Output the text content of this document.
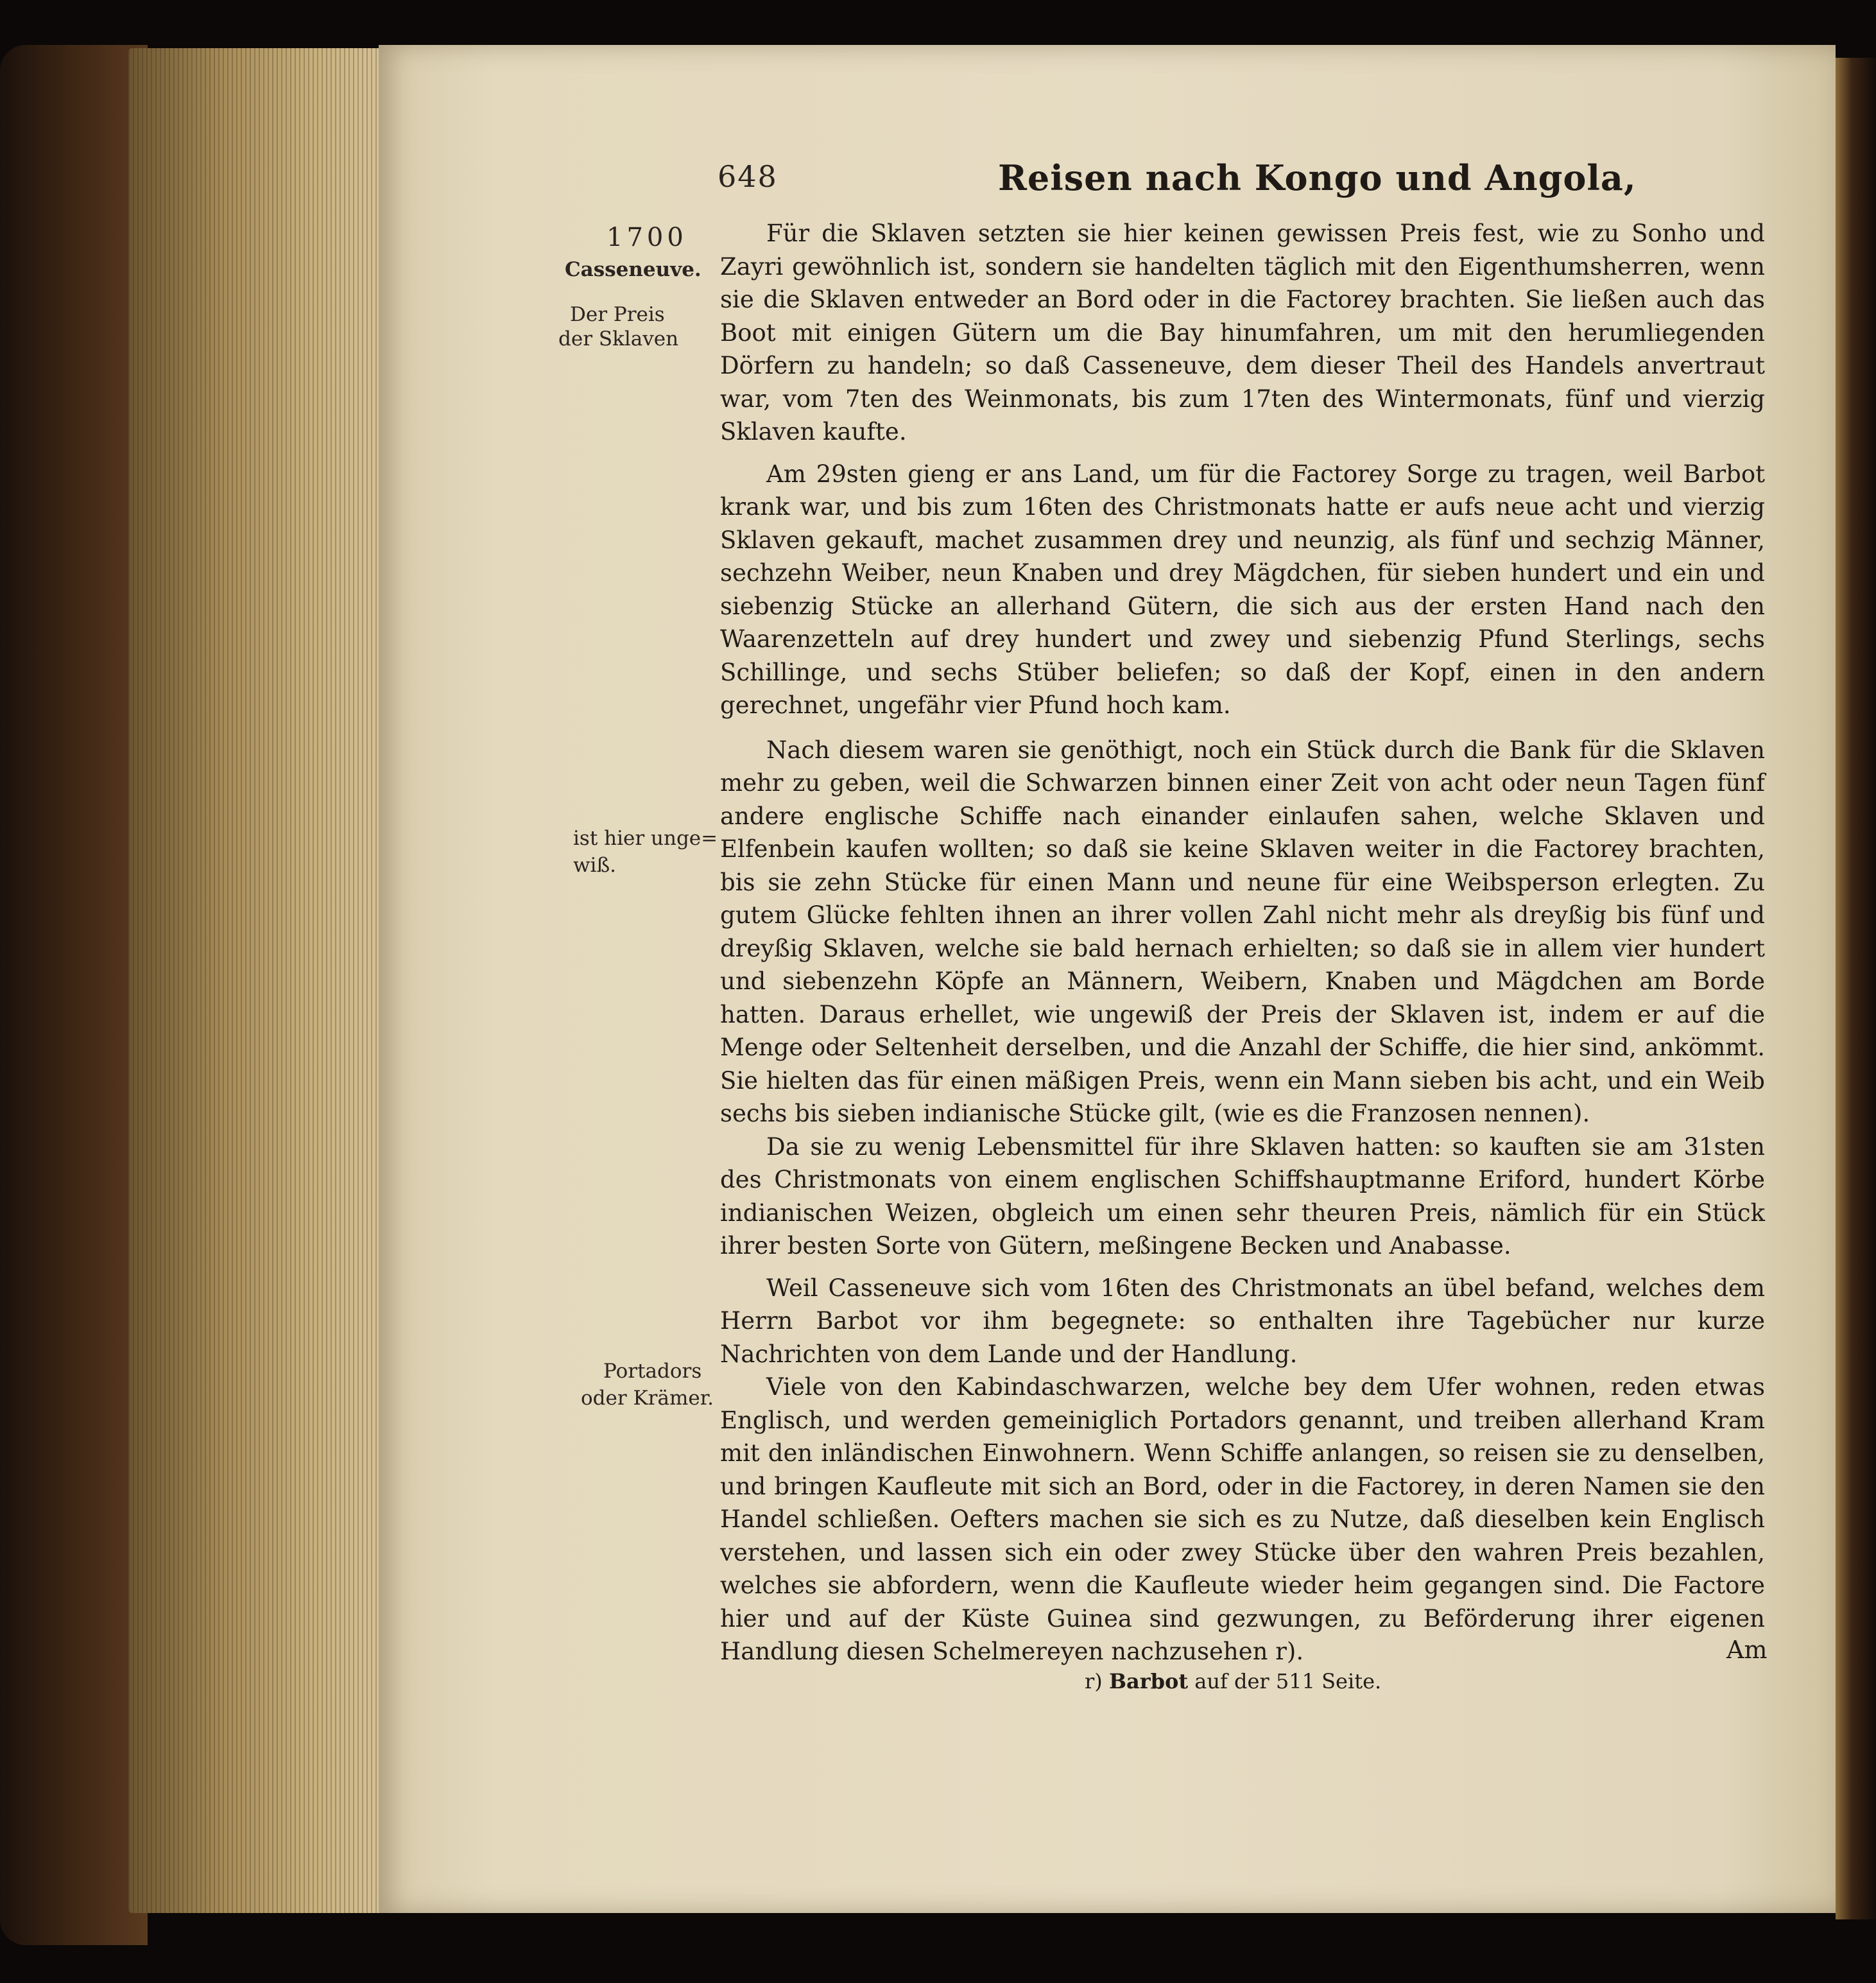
648	Reisen nach Kongo und Angola,
1700
Casseneuve.
Der Preis
der Sklaven
ist hier unge=
wiß.
Portadors
oder Krämer.

Für die Sklaven setzten sie hier keinen gewissen Preis fest, wie zu Sonho und Zayri gewöhnlich ist, sondern sie handelten täglich mit den Eigenthumsherren, wenn sie die Sklaven entweder an Bord oder in die Factorey brachten. Sie ließen auch das Boot mit einigen Gütern um die Bay hinumfahren, um mit den herumliegenden Dörfern zu handeln; so daß Casseneuve, dem dieser Theil des Handels anvertraut war, vom 7ten des Weinmonats, bis zum 17ten des Wintermonats, fünf und vierzig Sklaven kaufte.

Am 29sten gieng er ans Land, um für die Factorey Sorge zu tragen, weil Barbot krank war, und bis zum 16ten des Christmonats hatte er aufs neue acht und vierzig Sklaven gekauft, machet zusammen drey und neunzig, als fünf und sechzig Männer, sechzehn Weiber, neun Knaben und drey Mägdchen, für sieben hundert und ein und siebenzig Stücke an allerhand Gütern, die sich aus der ersten Hand nach den Waarenzetteln auf drey hundert und zwey und siebenzig Pfund Sterlings, sechs Schillinge, und sechs Stüber beliefen; so daß der Kopf, einen in den andern gerechnet, ungefähr vier Pfund hoch kam.

Nach diesem waren sie genöthigt, noch ein Stück durch die Bank für die Sklaven mehr zu geben, weil die Schwarzen binnen einer Zeit von acht oder neun Tagen fünf andere englische Schiffe nach einander einlaufen sahen, welche Sklaven und Elfenbein kaufen wollten; so daß sie keine Sklaven weiter in die Factorey brachten, bis sie zehn Stücke für einen Mann und neune für eine Weibsperson erlegten. Zu gutem Glücke fehlten ihnen an ihrer vollen Zahl nicht mehr als dreyßig bis fünf und dreyßig Sklaven, welche sie bald hernach erhielten; so daß sie in allem vier hundert und siebenzehn Köpfe an Männern, Weibern, Knaben und Mägdchen am Borde hatten. Daraus erhellet, wie ungewiß der Preis der Sklaven ist, indem er auf die Menge oder Seltenheit derselben, und die Anzahl der Schiffe, die hier sind, ankömmt. Sie hielten das für einen mäßigen Preis, wenn ein Mann sieben bis acht, und ein Weib sechs bis sieben indianische Stücke gilt, (wie es die Franzosen nennen).

Da sie zu wenig Lebensmittel für ihre Sklaven hatten: so kauften sie am 31sten des Christmonats von einem englischen Schiffshauptmanne Eriford, hundert Körbe indianischen Weizen, obgleich um einen sehr theuren Preis, nämlich für ein Stück ihrer besten Sorte von Gütern, meßingene Becken und Anabasse.

Weil Casseneuve sich vom 16ten des Christmonats an übel befand, welches dem Herrn Barbot vor ihm begegnete: so enthalten ihre Tagebücher nur kurze Nachrichten von dem Lande und der Handlung.

Viele von den Kabindaschwarzen, welche bey dem Ufer wohnen, reden etwas Englisch, und werden gemeiniglich Portadors genannt, und treiben allerhand Kram mit den inländischen Einwohnern. Wenn Schiffe anlangen, so reisen sie zu denselben, und bringen Kaufleute mit sich an Bord, oder in die Factorey, in deren Namen sie den Handel schließen. Oefters machen sie sich es zu Nutze, daß dieselben kein Englisch verstehen, und lassen sich ein oder zwey Stücke über den wahren Preis bezahlen, welches sie abfordern, wenn die Kaufleute wieder heim gegangen sind. Die Factore hier und auf der Küste Guinea sind gezwungen, zu Beförderung ihrer eigenen Handlung diesen Schelmereyen nachzusehen r).	Am
r) Barbot auf der 511 Seite.
